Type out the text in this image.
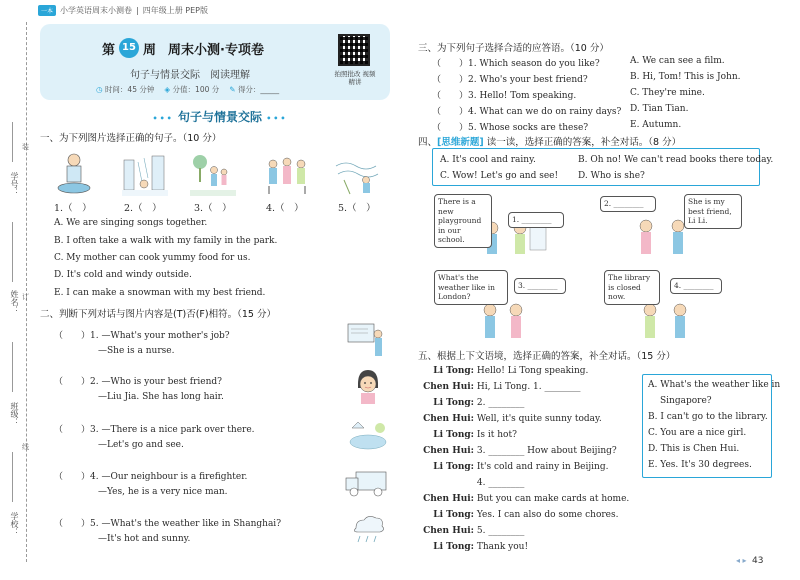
一本 小学英语周末小测卷 | 四年级上册 PEP版
装
订
线
学号：
姓名：
班级：
学校：
第 15 周 周末小测·专项卷
句子与情景交际　阅读理解
◷ 时间：45 分钟 ◈ 分值：100 分 ✎ 得分：_____
拍照批改 视频精讲
••• 句子与情景交际 •••
一、为下列图片选择正确的句子。（10 分）
1.（　）	2.（　）	3.（　）	4.（　）	5.（　）
A. We are singing songs together.
B. I often take a walk with my family in the park.
C. My mother can cook yummy food for us.
D. It's cold and windy outside.
E. I can make a snowman with my best friend.
二、判断下列对话与图片内容是(T)否(F)相符。（15 分）
（　　）1. —What's your mother's job?
—She is a nurse.
（　　）2. —Who is your best friend?
—Liu Jia. She has long hair.
（　　）3. —There is a nice park over there.
—Let's go and see.
（　　）4. —Our neighbour is a firefighter.
—Yes, he is a very nice man.
（　　）5. —What's the weather like in Shanghai?
—It's hot and sunny.
三、为下列句子选择合适的应答语。（10 分）
（　　）1. Which season do you like?
（　　）2. Who's your best friend?
（　　）3. Hello! Tom speaking.
（　　）4. What can we do on rainy days?
（　　）5. Whose socks are these?
A. We can see a film.
B. Hi, Tom! This is John.
C. They're mine.
D. Tian Tian.
E. Autumn.
四、[思维新题] 读一读，选择正确的答案，补全对话。（8 分）
A. It's cool and rainy.	B. Oh no! We can't read books there today.
C. Wow! Let's go and see! D. Who is she?
There is a new playground in our school.
1. ________
2. ________	She is my best friend, Li Li.
What's the weather like in London?
3. ________
The library is closed now.
4. ________
五、根据上下文语境，选择正确的答案，补全对话。（15 分）
Li Tong: Hello! Li Tong speaking.
Chen Hui: Hi, Li Tong. 1. ________
Li Tong: 2. ________
Chen Hui: Well, it's quite sunny today.
Li Tong: Is it hot?
Chen Hui: 3. ________ How about Beijing?
Li Tong: It's cold and rainy in Beijing.
4. ________
Chen Hui: But you can make cards at home.
Li Tong: Yes. I can also do some chores.
Chen Hui: 5. ________
Li Tong: Thank you!
A. What's the weather like in
Singapore?
B. I can't go to the library.
C. You are a nice girl.
D. This is Chen Hui.
E. Yes. It's 30 degrees.
◂ ▸ 43
